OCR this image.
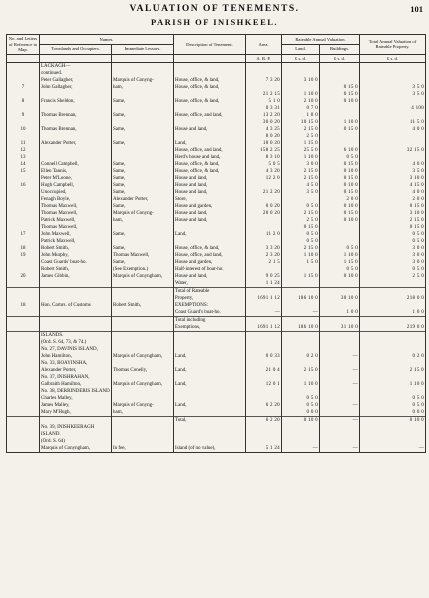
VALUATION OF TENEMENTS.	101
PARISH OF INISHKEEL.
No. and Letters of Reference to Map.	Names.		Description of Tenement.	Area.	Rateable Annual Valuation.		Total Annual Valuation of Rateable Property.
	Townlands and Occupiers.	Immediate Lessors.			Land.	Buildings.	
				A. R. P.	£ s. d.	£ s. d.	£ s. d.
	LACKAGH—						
	continued.						
	Peter Gallagher,	Marquis of Conyng-	House, office, & land,	7 3 20	3 10 0		
7	John Gallagher,	ham,	House, office, & land,			0 15 0	3 5 0
				21 2 15	1 10 0	0 15 0	3 5 0
8	Francis Sheldon,	Same,	House, office, & land,	5 1 0	2 10 0	0 10 0	
				0 3 31	0 7 0		4 100
9	Thomas Brennan,	Same,	House, office, and land,	13 2 20	1 8 0		
				30 0 20	10 15 0	1 10 0	11 5 0
10	Thomas Brennan,	Same,	House and land,	4 3 25	2 15 0	0 15 0	4 0 0
				8 0 20	2 5 0		
11	Alexander Porter,	Same,	Land,	10 0 20	1 15 0		
12			House, office, and land,	158 2 25	25 5 0	6 10 0	32 15 0
13			Herd's house and land,	8 3 10	1 10 0	0 5 0	
14	Connell Campbell,	Same,	House, office, & land,	5 0 5	3 0 0	0 15 0	4 0 0
15	Ellen Tannis,	Same,	House, office, & land,	4 3 20	2 15 0	0 10 0	3 5 0
	Peter M'Loone,	Same,	House and land,	12 2 0	2 15 0	0 15 0	3 10 0
16	Hugh Campbell,	Same,	House and land,		4 5 0	0 10 0	4 15 0
	Unoccupied,	Same,	House and land,	21 2 20	3 5 0	0 15 0	4 0 0
	Fenagh Boyle,	Alexander Porter,	Store,			2 0 0	2 0 0
	Thomas Maxwell,	Same,	House and garden,	0 0 20	0 5 0	0 10 0	0 15 0
	Thomas Maxwell,	Marquis of Conyng-	House and land,	20 0 20	2 15 0	0 15 0	3 10 0
	Patrick Maxwell,	ham,	House and land,		2 5 0	0 10 0	2 15 0
	Thomas Maxwell,				0 15 0		0 15 0
17	John Maxwell,	Same,	Land,	11 2 0	0 5 0		0 5 0
	Patrick Maxwell,				0 5 0		0 5 0
18	Robert Smith,	Same,	House, office, & land,	3 3 20	2 15 0	0 5 0	3 0 0
19	John Murphy,	Thomas Maxwell,	House, office, and land,	2 3 20	1 10 0	1 10 0	3 0 0
	Coast Guards' boat-ho.	Same,	House and garden,	2 1 5	1 5 0	1 15 0	3 0 0
	Robert Smith,	(See Exemption.)	Half-interest of boat-ho.			0 5 0	0 5 0
20	James Gibbin,	Marquis of Conyngham,	House and land,	9 0 25	1 15 0	0 10 0	2 5 0
			Water,	1 1 24			
			Total of Rateable				
			Property,	1691 1 12	186 10 0	30 10 0	218 0 0

18	Hon. Comrs. of Customs	Robert Smith,	EXEMPTIONS:				
			Coast Guard's boat-ho.	—	—	1 0 0	1 0 0

			Total including				
			Exemptions,	1691 1 12	186 10 0	31 10 0	219 0 0

	ISLANDS.						
	(Ord. S. 64, 73, & 74.)						
	No. 27, DAVINIS ISLAND,						
	John Hamilton,	Marquis of Conyngham,	Land,	0 0 33	0 2 0	—	0 2 0

	No. 33, BOAYINSHA,						
	Alexander Porter,	Thomas Conelly,	Land,	21 0 4	2 15 0	—	2 15 0

	No. 37, INISHRAHAN,						
	Galbraith Hamilton,	Marquis of Conyngham,	Land,	12 0 1	1 10 0	—	1 10 0

	No. 38, DERRINDERIS ISLAND						
	Charles Malley,				0 5 0		0 5 0
	James Malley,	Marquis of Conyng-	Land,	6 2 20	0 5 0	—	0 5 0
	Mary M'Hugh,	ham,			0 0 0		0 0 0

			Total,	6 2 20	0 10 0	—	0 10 0

	No. 39, INISHKEERAGH						
	ISLAND.						
	(Ord. S. 64)						
	Marquis of Conyngham,	In fee,	Island (of no value),	5 1 24	—	—	—
